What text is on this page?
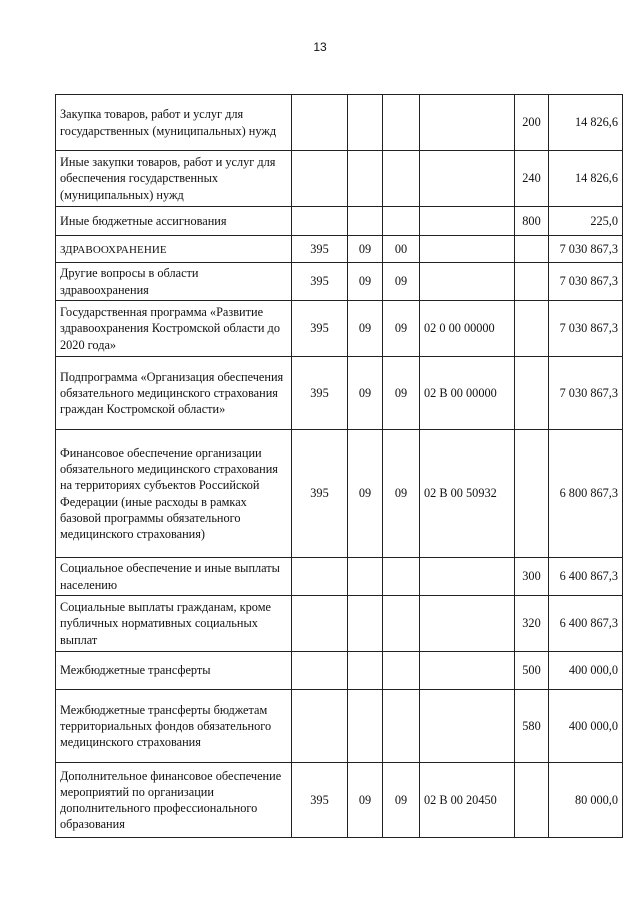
13
Закупка товаров, работ и услуг для государственных (муниципальных) нужд					200	14 826,6
Иные закупки товаров, работ и услуг для обеспечения государственных (муниципальных) нужд					240	14 826,6
Иные бюджетные ассигнования					800	225,0
ЗДРАВООХРАНЕНИЕ	395	09	00			7 030 867,3
Другие вопросы в области здравоохранения	395	09	09			7 030 867,3
Государственная программа «Развитие здравоохранения Костромской области до 2020 года»	395	09	09	02 0 00 00000		7 030 867,3
Подпрограмма «Организация обеспечения обязательного медицинского страхования граждан Костромской области»	395	09	09	02 В 00 00000		7 030 867,3
Финансовое обеспечение организации обязательного медицинского страхования на территориях субъектов Российской Федерации (иные расходы в рамках базовой программы обязательного медицинского страхования)	395	09	09	02 В 00 50932		6 800 867,3
Социальное обеспечение и иные выплаты населению					300	6 400 867,3
Социальные выплаты гражданам, кроме публичных нормативных социальных выплат					320	6 400 867,3
Межбюджетные трансферты					500	400 000,0
Межбюджетные трансферты бюджетам территориальных фондов обязательного медицинского страхования					580	400 000,0
Дополнительное финансовое обеспечение мероприятий по организации дополнительного профессионального образования	395	09	09	02 В 00 20450		80 000,0
